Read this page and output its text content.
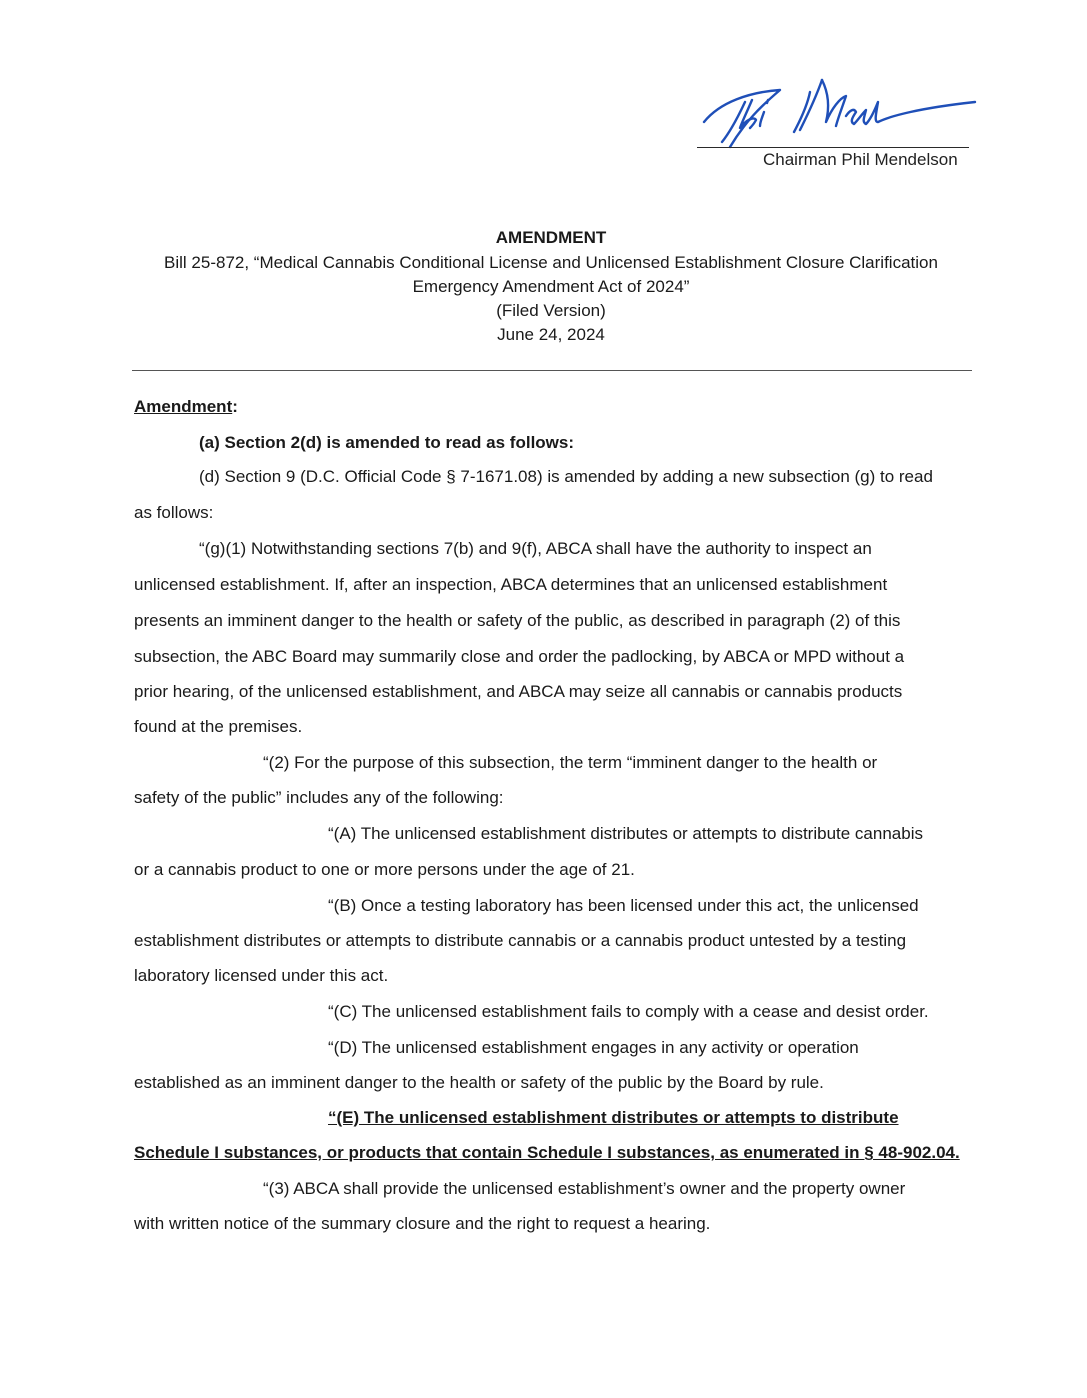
Chairman Phil Mendelson
AMENDMENT
Bill 25-872, “Medical Cannabis Conditional License and Unlicensed Establishment Closure Clarification
Emergency Amendment Act of 2024”
(Filed Version)
June 24, 2024
Amendment:
(a) Section 2(d) is amended to read as follows:
(d) Section 9 (D.C. Official Code § 7-1671.08) is amended by adding a new subsection (g) to read
as follows:
“(g)(1) Notwithstanding sections 7(b) and 9(f), ABCA shall have the authority to inspect an
unlicensed establishment. If, after an inspection, ABCA determines that an unlicensed establishment
presents an imminent danger to the health or safety of the public, as described in paragraph (2) of this
subsection, the ABC Board may summarily close and order the padlocking, by ABCA or MPD without a
prior hearing, of the unlicensed establishment, and ABCA may seize all cannabis or cannabis products
found at the premises.
“(2) For the purpose of this subsection, the term “imminent danger to the health or
safety of the public” includes any of the following:
“(A) The unlicensed establishment distributes or attempts to distribute cannabis
or a cannabis product to one or more persons under the age of 21.
“(B) Once a testing laboratory has been licensed under this act, the unlicensed
establishment distributes or attempts to distribute cannabis or a cannabis product untested by a testing
laboratory licensed under this act.
“(C) The unlicensed establishment fails to comply with a cease and desist order.
“(D) The unlicensed establishment engages in any activity or operation
established as an imminent danger to the health or safety of the public by the Board by rule.
“(E) The unlicensed establishment distributes or attempts to distribute
Schedule I substances, or products that contain Schedule I substances, as enumerated in § 48-902.04.
“(3) ABCA shall provide the unlicensed establishment’s owner and the property owner
with written notice of the summary closure and the right to request a hearing.
